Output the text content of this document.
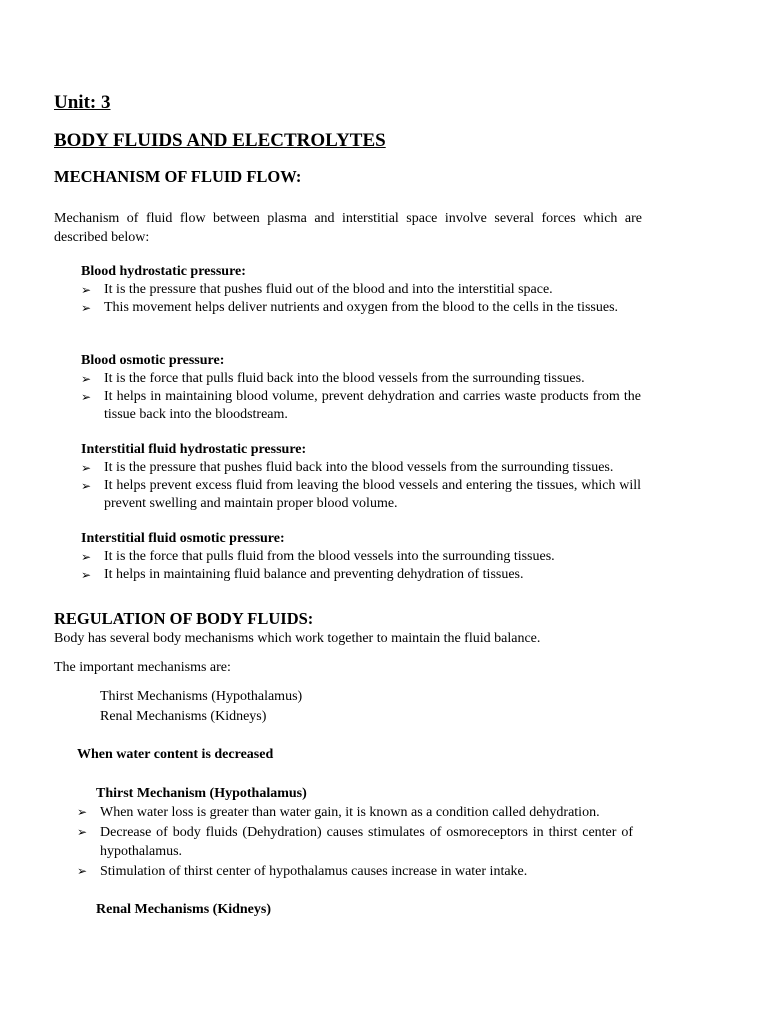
Unit: 3
BODY FLUIDS AND ELECTROLYTES
MECHANISM OF FLUID FLOW:

Mechanism of fluid flow between plasma and interstitial space involve several forces which are described below:

Blood hydrostatic pressure:

➢ It is the pressure that pushes fluid out of the blood and into the interstitial space.
➢ This movement helps deliver nutrients and oxygen from the blood to the cells in the tissues.

Blood osmotic pressure:

➢ It is the force that pulls fluid back into the blood vessels from the surrounding tissues.
➢ It helps in maintaining blood volume, prevent dehydration and carries waste products from the tissue back into the bloodstream.

Interstitial fluid hydrostatic pressure:

➢ It is the pressure that pushes fluid back into the blood vessels from the surrounding tissues.
➢ It helps prevent excess fluid from leaving the blood vessels and entering the tissues, which will prevent swelling and maintain proper blood volume.

Interstitial fluid osmotic pressure:

➢ It is the force that pulls fluid from the blood vessels into the surrounding tissues.
➢ It helps in maintaining fluid balance and preventing dehydration of tissues.
REGULATION OF BODY FLUIDS:

Body has several body mechanisms which work together to maintain the fluid balance.

The important mechanisms are:

Thirst Mechanisms (Hypothalamus)
Renal Mechanisms (Kidneys)

When water content is decreased

Thirst Mechanism (Hypothalamus)

➢ When water loss is greater than water gain, it is known as a condition called dehydration.
➢ Decrease of body fluids (Dehydration) causes stimulates of osmoreceptors in thirst center of hypothalamus.
➢ Stimulation of thirst center of hypothalamus causes increase in water intake.

Renal Mechanisms (Kidneys)
